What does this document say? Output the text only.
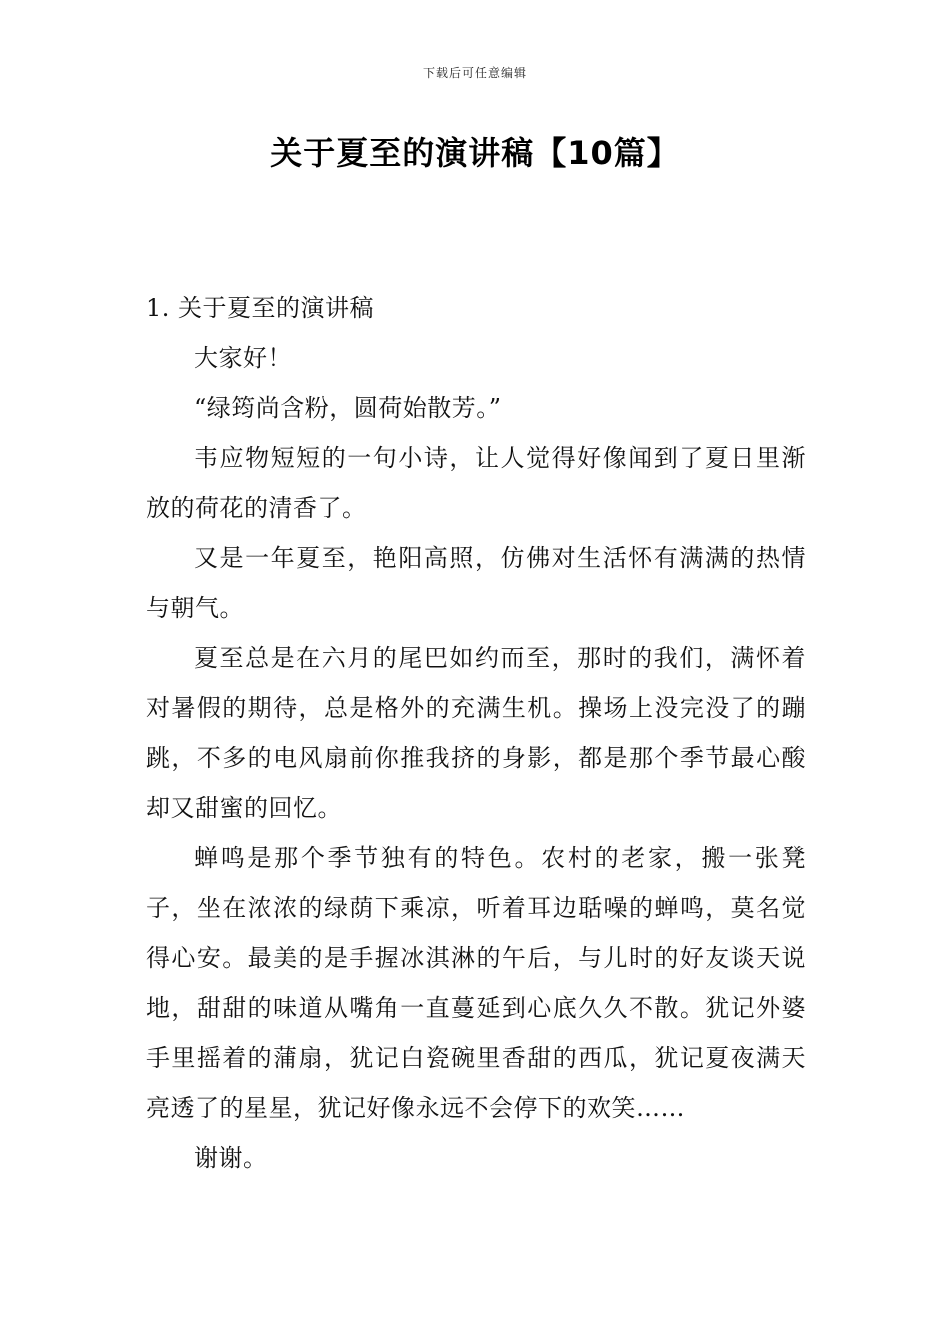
下载后可任意编辑
关于夏至的演讲稿【10篇】
1. 关于夏至的演讲稿

大家好！

“绿筠尚含粉，圆荷始散芳。”

韦应物短短的一句小诗，让人觉得好像闻到了夏日里渐放的荷花的清香了。

又是一年夏至，艳阳高照，仿佛对生活怀有满满的热情与朝气。

夏至总是在六月的尾巴如约而至，那时的我们，满怀着对暑假的期待，总是格外的充满生机。操场上没完没了的蹦跳，不多的电风扇前你推我挤的身影，都是那个季节最心酸却又甜蜜的回忆。

蝉鸣是那个季节独有的特色。农村的老家，搬一张凳子，坐在浓浓的绿荫下乘凉，听着耳边聒噪的蝉鸣，莫名觉得心安。最美的是手握冰淇淋的午后，与儿时的好友谈天说地，甜甜的味道从嘴角一直蔓延到心底久久不散。犹记外婆手里摇着的蒲扇，犹记白瓷碗里香甜的西瓜，犹记夏夜满天亮透了的星星，犹记好像永远不会停下的欢笑……

谢谢。
